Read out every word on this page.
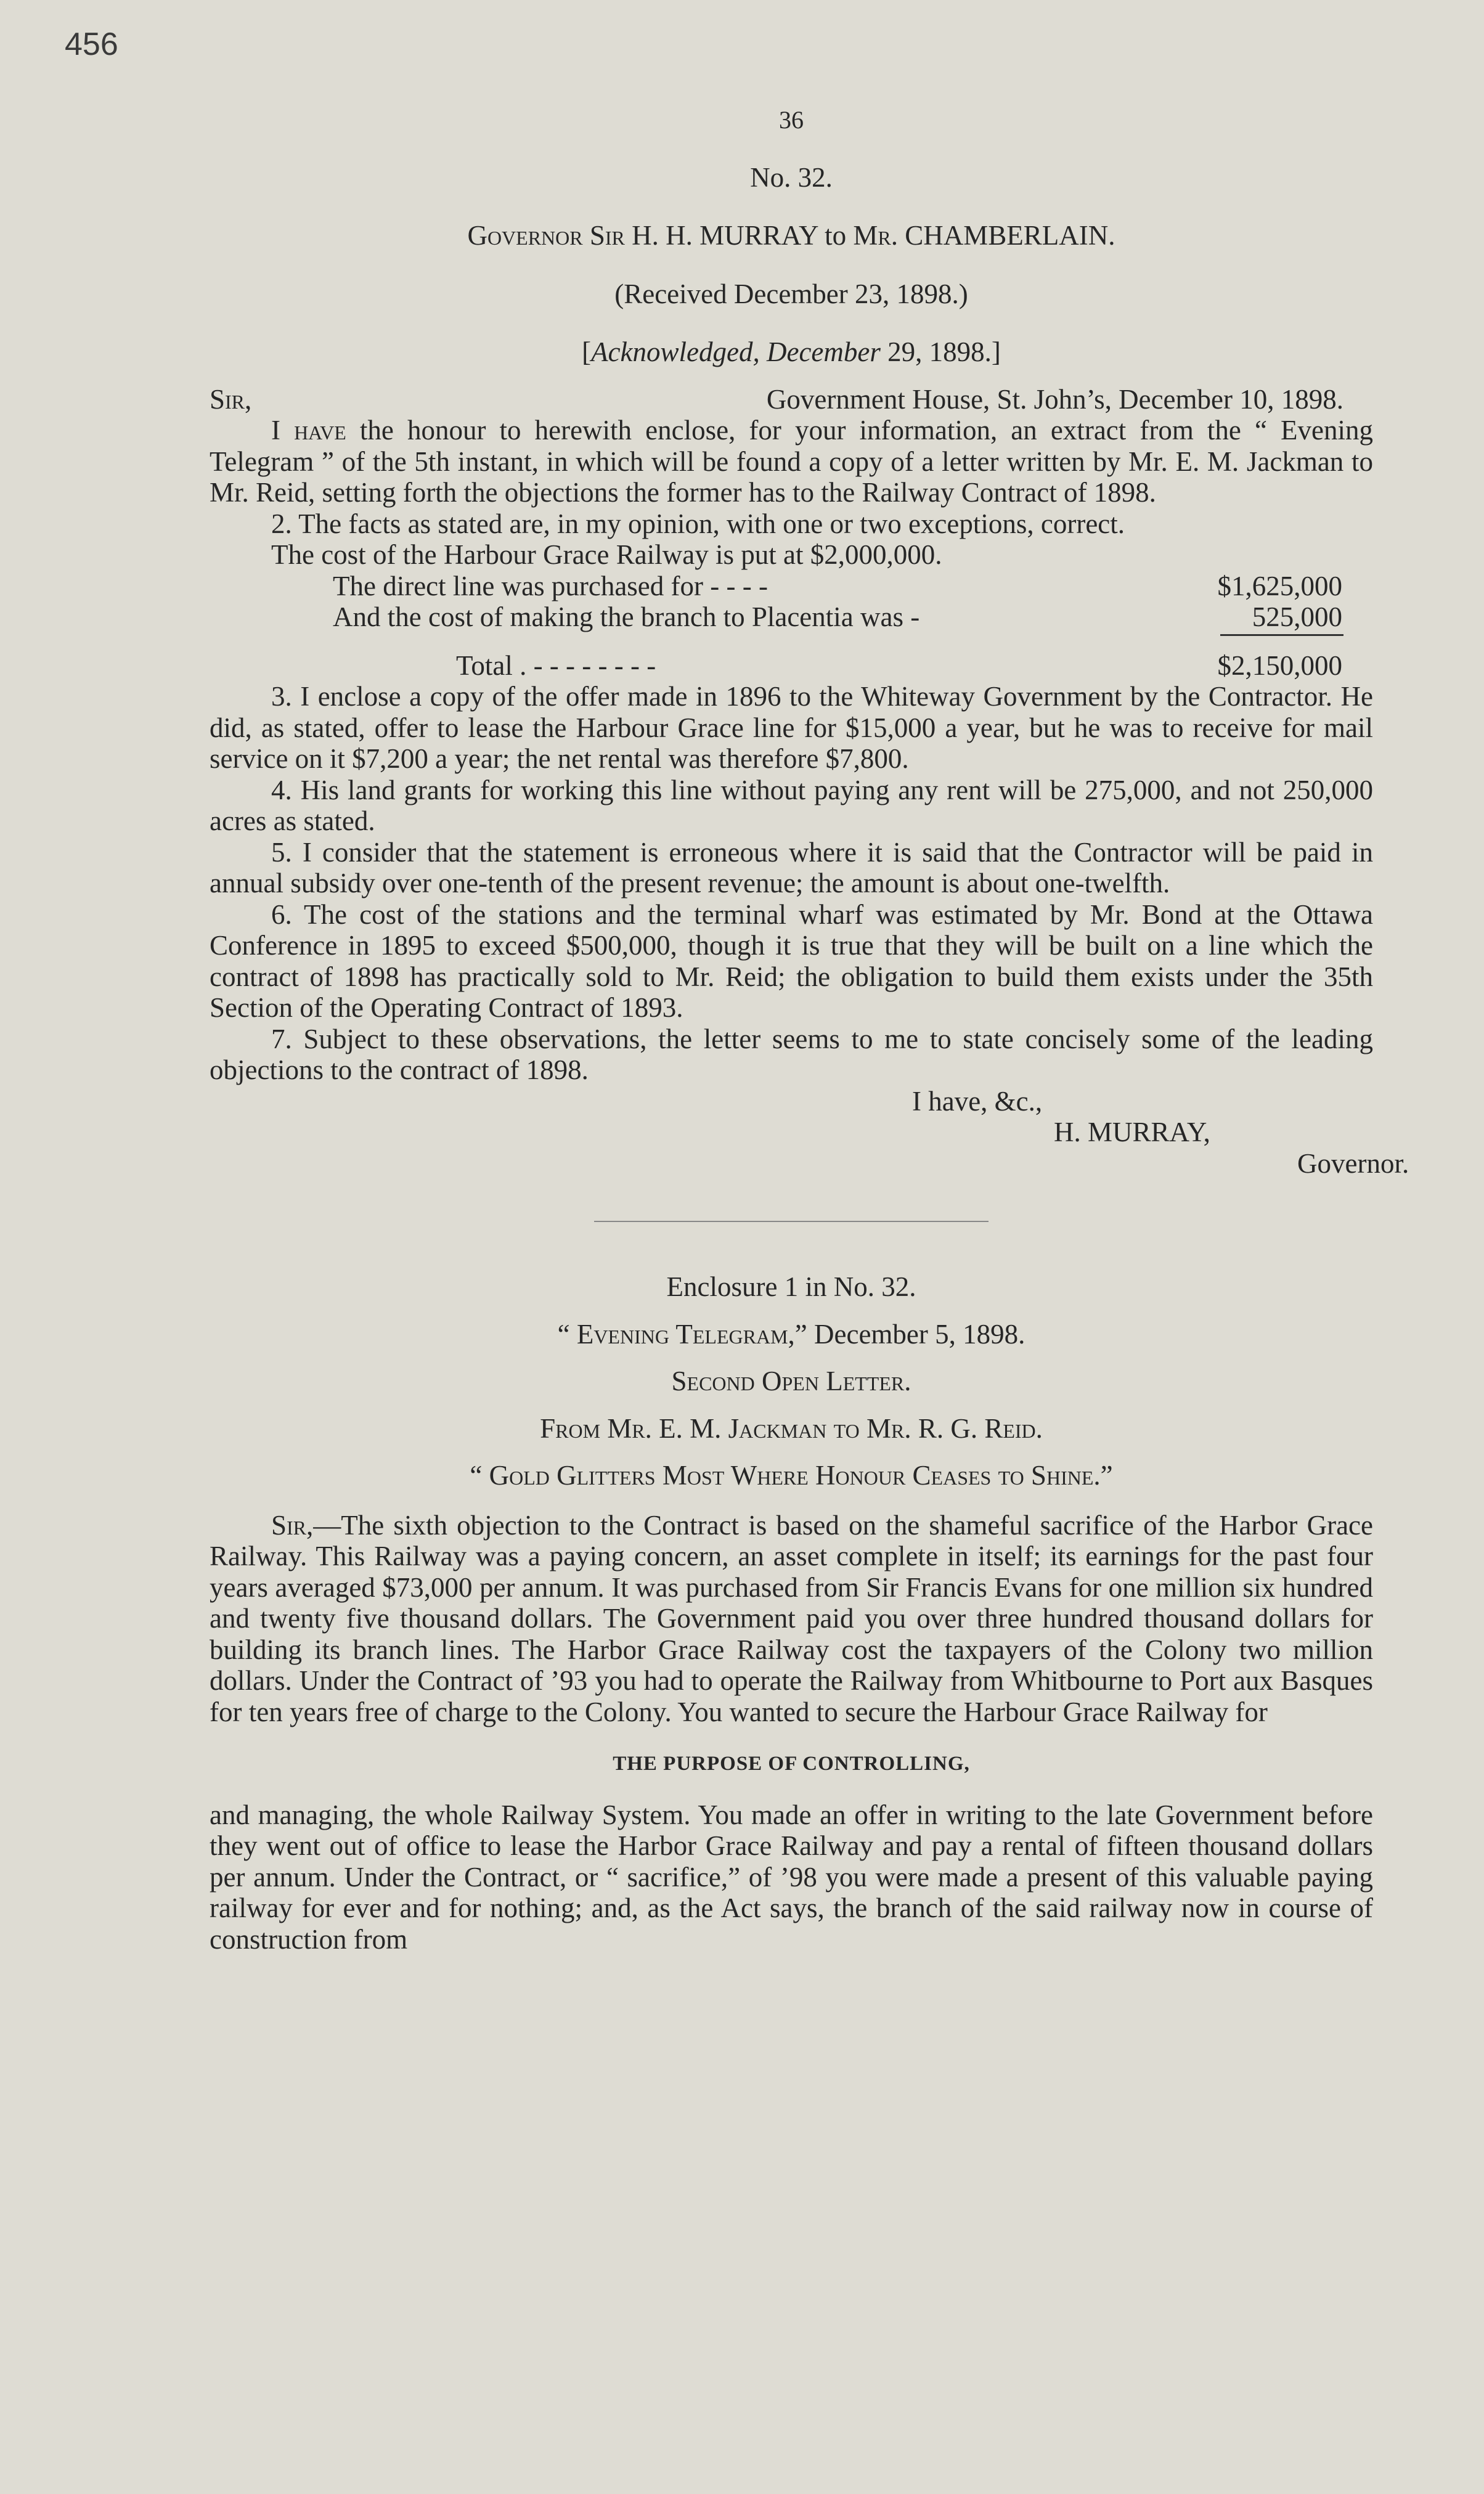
456
36
No. 32.
Governor Sir H. H. MURRAY to Mr. CHAMBERLAIN.
(Received December 23, 1898.)
[Acknowledged, December 29, 1898.]
Sir,	Government House, St. John’s, December 10, 1898.

I have the honour to herewith enclose, for your information, an extract from the “ Evening Telegram ” of the 5th instant, in which will be found a copy of a letter written by Mr. E. M. Jackman to Mr. Reid, setting forth the objections the former has to the Railway Contract of 1898.

2. The facts as stated are, in my opinion, with one or two exceptions, correct.

The cost of the Harbour Grace Railway is put at $2,000,000.

The direct line was purchased for - - - -	$1,625,000
And the cost of making the branch to Placentia was -	525,000
Total . - - - - - - - -	$2,150,000

3. I enclose a copy of the offer made in 1896 to the Whiteway Government by the Contractor. He did, as stated, offer to lease the Harbour Grace line for $15,000 a year, but he was to receive for mail service on it $7,200 a year; the net rental was therefore $7,800.

4. His land grants for working this line without paying any rent will be 275,000, and not 250,000 acres as stated.

5. I consider that the statement is erroneous where it is said that the Contractor will be paid in annual subsidy over one-tenth of the present revenue; the amount is about one-twelfth.

6. The cost of the stations and the terminal wharf was estimated by Mr. Bond at the Ottawa Conference in 1895 to exceed $500,000, though it is true that they will be built on a line which the contract of 1898 has practically sold to Mr. Reid; the obligation to build them exists under the 35th Section of the Operating Contract of 1893.

7. Subject to these observations, the letter seems to me to state concisely some of the leading objections to the contract of 1898.

I have, &c.,
H. MURRAY,
Governor.
Enclosure 1 in No. 32.
“ Evening Telegram,” December 5, 1898.
Second Open Letter.
From Mr. E. M. Jackman to Mr. R. G. Reid.
“ Gold Glitters Most Where Honour Ceases to Shine.”

Sir,—The sixth objection to the Contract is based on the shameful sacrifice of the Harbor Grace Railway. This Railway was a paying concern, an asset complete in itself; its earnings for the past four years averaged $73,000 per annum. It was purchased from Sir Francis Evans for one million six hundred and twenty five thousand dollars. The Government paid you over three hundred thousand dollars for building its branch lines. The Harbor Grace Railway cost the taxpayers of the Colony two million dollars. Under the Contract of ’93 you had to operate the Railway from Whitbourne to Port aux Basques for ten years free of charge to the Colony. You wanted to secure the Harbour Grace Railway for

THE PURPOSE OF CONTROLLING,

and managing, the whole Railway System. You made an offer in writing to the late Government before they went out of office to lease the Harbor Grace Railway and pay a rental of fifteen thousand dollars per annum. Under the Contract, or “ sacrifice,” of ’98 you were made a present of this valuable paying railway for ever and for nothing; and, as the Act says, the branch of the said railway now in course of construction from
